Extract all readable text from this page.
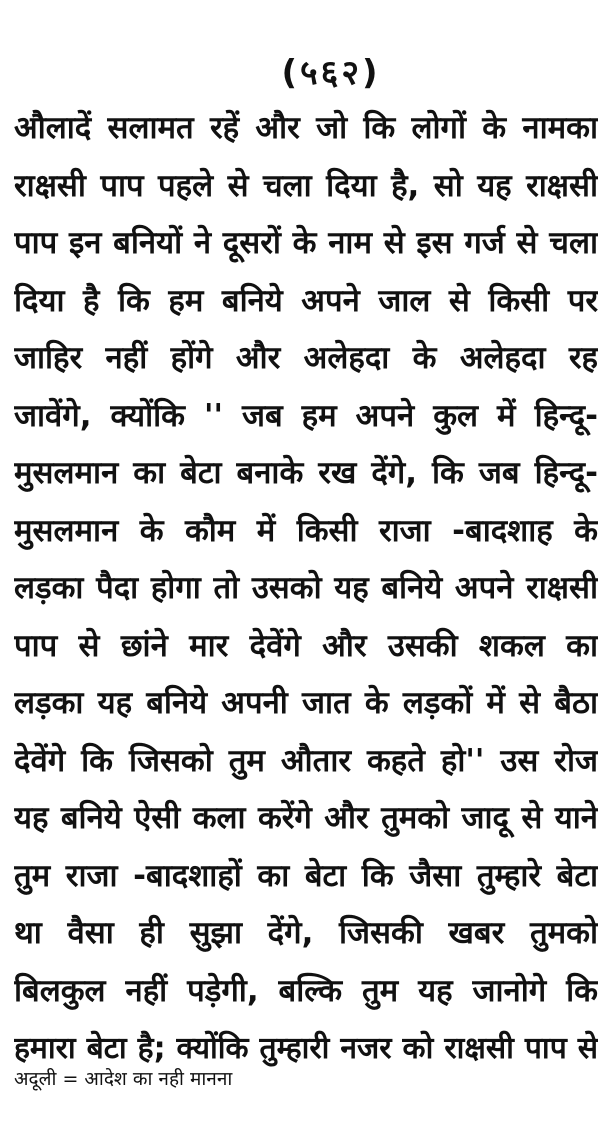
(५६२)
औलादें सलामत रहें और जो कि लोगों के नामका
राक्षसी पाप पहले से चला दिया है, सो यह राक्षसी
पाप इन बनियों ने दूसरों के नाम से इस गर्ज से चला
दिया है कि हम बनिये अपने जाल से किसी पर
जाहिर नहीं होंगे और अलेहदा के अलेहदा रह
जावेंगे, क्योंकि '' जब हम अपने कुल में हिन्दू-
मुसलमान का बेटा बनाके रख देंगे, कि जब हिन्दू-
मुसलमान के कौम में किसी राजा -बादशाह के
लड़का पैदा होगा तो उसको यह बनिये अपने राक्षसी
पाप से छांने मार देवेंगे और उसकी शकल का
लड़का यह बनिये अपनी जात के लड़कों में से बैठा
देवेंगे कि जिसको तुम औतार कहते हो'' उस रोज
यह बनिये ऐसी कला करेंगे और तुमको जादू से याने
तुम राजा -बादशाहों का बेटा कि जैसा तुम्हारे बेटा
था वैसा ही सुझा देंगे, जिसकी खबर तुमको
बिलकुल नहीं पड़ेगी, बल्कि तुम यह जानोगे कि
हमारा बेटा है; क्योंकि तुम्हारी नजर को राक्षसी पाप से
अदूली = आदेश का नही मानना
